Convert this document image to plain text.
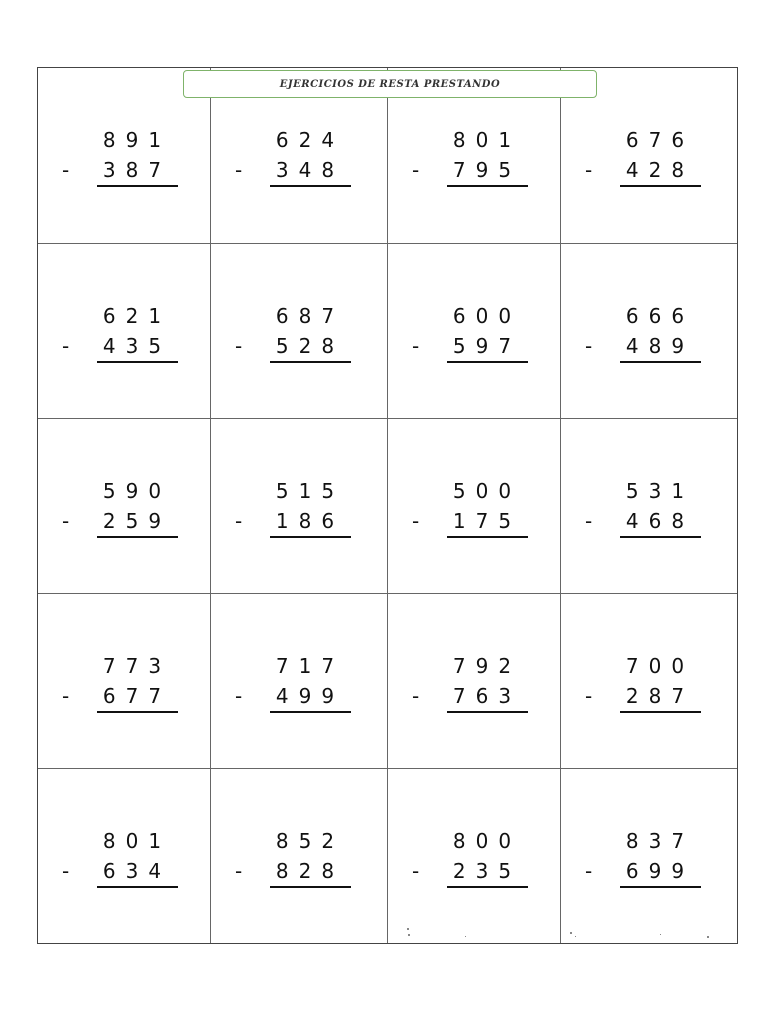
EJERCICIOS DE RESTA PRESTANDO
891
- 387
624
- 348
801
- 795
676
- 428
621
- 435
687
- 528
600
- 597
666
- 489
590
- 259
515
- 186
500
- 175
531
- 468
773
- 677
717
- 499
792
- 763
700
- 287
801
- 634
852
- 828
800
- 235
837
- 699
